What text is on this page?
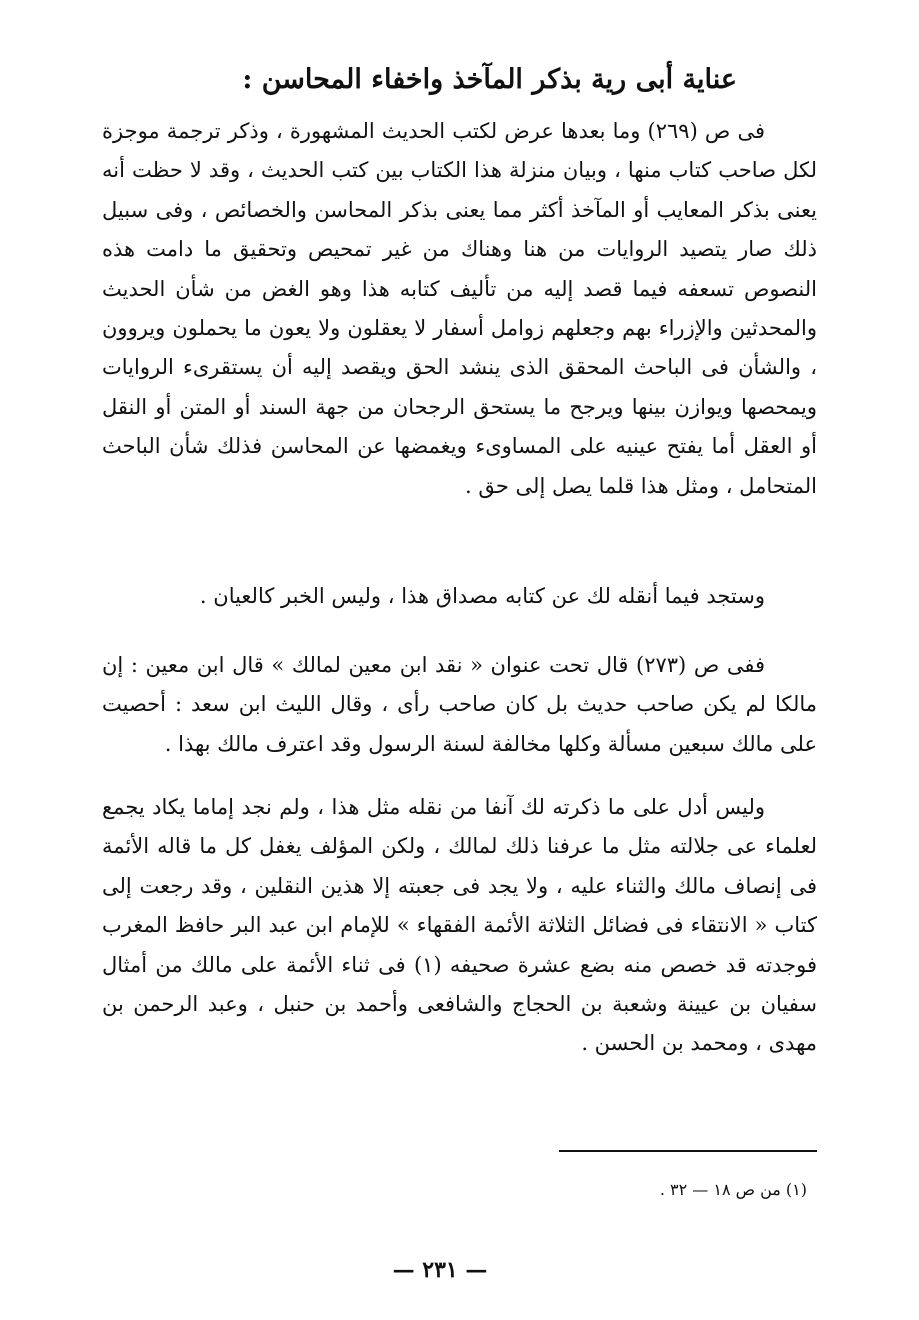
عناية أبى رية بذكر المآخذ واخفاء المحاسن :

فى ص (٢٦٩) وما بعدها عرض لكتب الحديث المشهورة ، وذكر ترجمة موجزة لكل صاحب كتاب منها ، وبيان منزلة هذا الكتاب بين كتب الحديث ، وقد لا حظت أنه يعنى بذكر المعايب أو المآخذ أكثر مما يعنى بذكر المحاسن والخصائص ، وفى سبيل ذلك صار يتصيد الروايات من هنا وهناك من غير تمحيص وتحقيق ما دامت هذه النصوص تسعفه فيما قصد إليه من تأليف كتابه هذا وهو الغض من شأن الحديث والمحدثين والإزراء بهم وجعلهم زوامل أسفار لا يعقلون ولا يعون ما يحملون ويروون ، والشأن فى الباحث المحقق الذى ينشد الحق ويقصد إليه أن يستقرىء الروايات ويمحصها ويوازن بينها ويرجح ما يستحق الرجحان من جهة السند أو المتن أو النقل أو العقل أما يفتح عينيه على المساوىء ويغمضها عن المحاسن فذلك شأن الباحث المتحامل ، ومثل هذا قلما يصل إلى حق .

وستجد فيما أنقله لك عن كتابه مصداق هذا ، وليس الخبر كالعيان .

ففى ص (٢٧٣) قال تحت عنوان « نقد ابن معين لمالك » قال ابن معين : إن مالكا لم يكن صاحب حديث بل كان صاحب رأى ، وقال الليث ابن سعد : أحصيت على مالك سبعين مسألة وكلها مخالفة لسنة الرسول وقد اعترف مالك بهذا .

وليس أدل على ما ذكرته لك آنفا من نقله مثل هذا ، ولم نجد إماما يكاد يجمع لعلماء عى جلالته مثل ما عرفنا ذلك لمالك ، ولكن المؤلف يغفل كل ما قاله الأئمة فى إنصاف مالك والثناء عليه ، ولا يجد فى جعبته إلا هذين النقلين ، وقد رجعت إلى كتاب « الانتقاء فى فضائل الثلاثة الأئمة الفقهاء » للإمام ابن عبد البر حافظ المغرب فوجدته قد خصص منه بضع عشرة صحيفه (١) فى ثناء الأئمة على مالك من أمثال سفيان بن عيينة وشعبة بن الحجاج والشافعى وأحمد بن حنبل ، وعبد الرحمن بن مهدى ، ومحمد بن الحسن .

(١) من ص ١٨ — ٣٢ .
— ٢٣١ —
